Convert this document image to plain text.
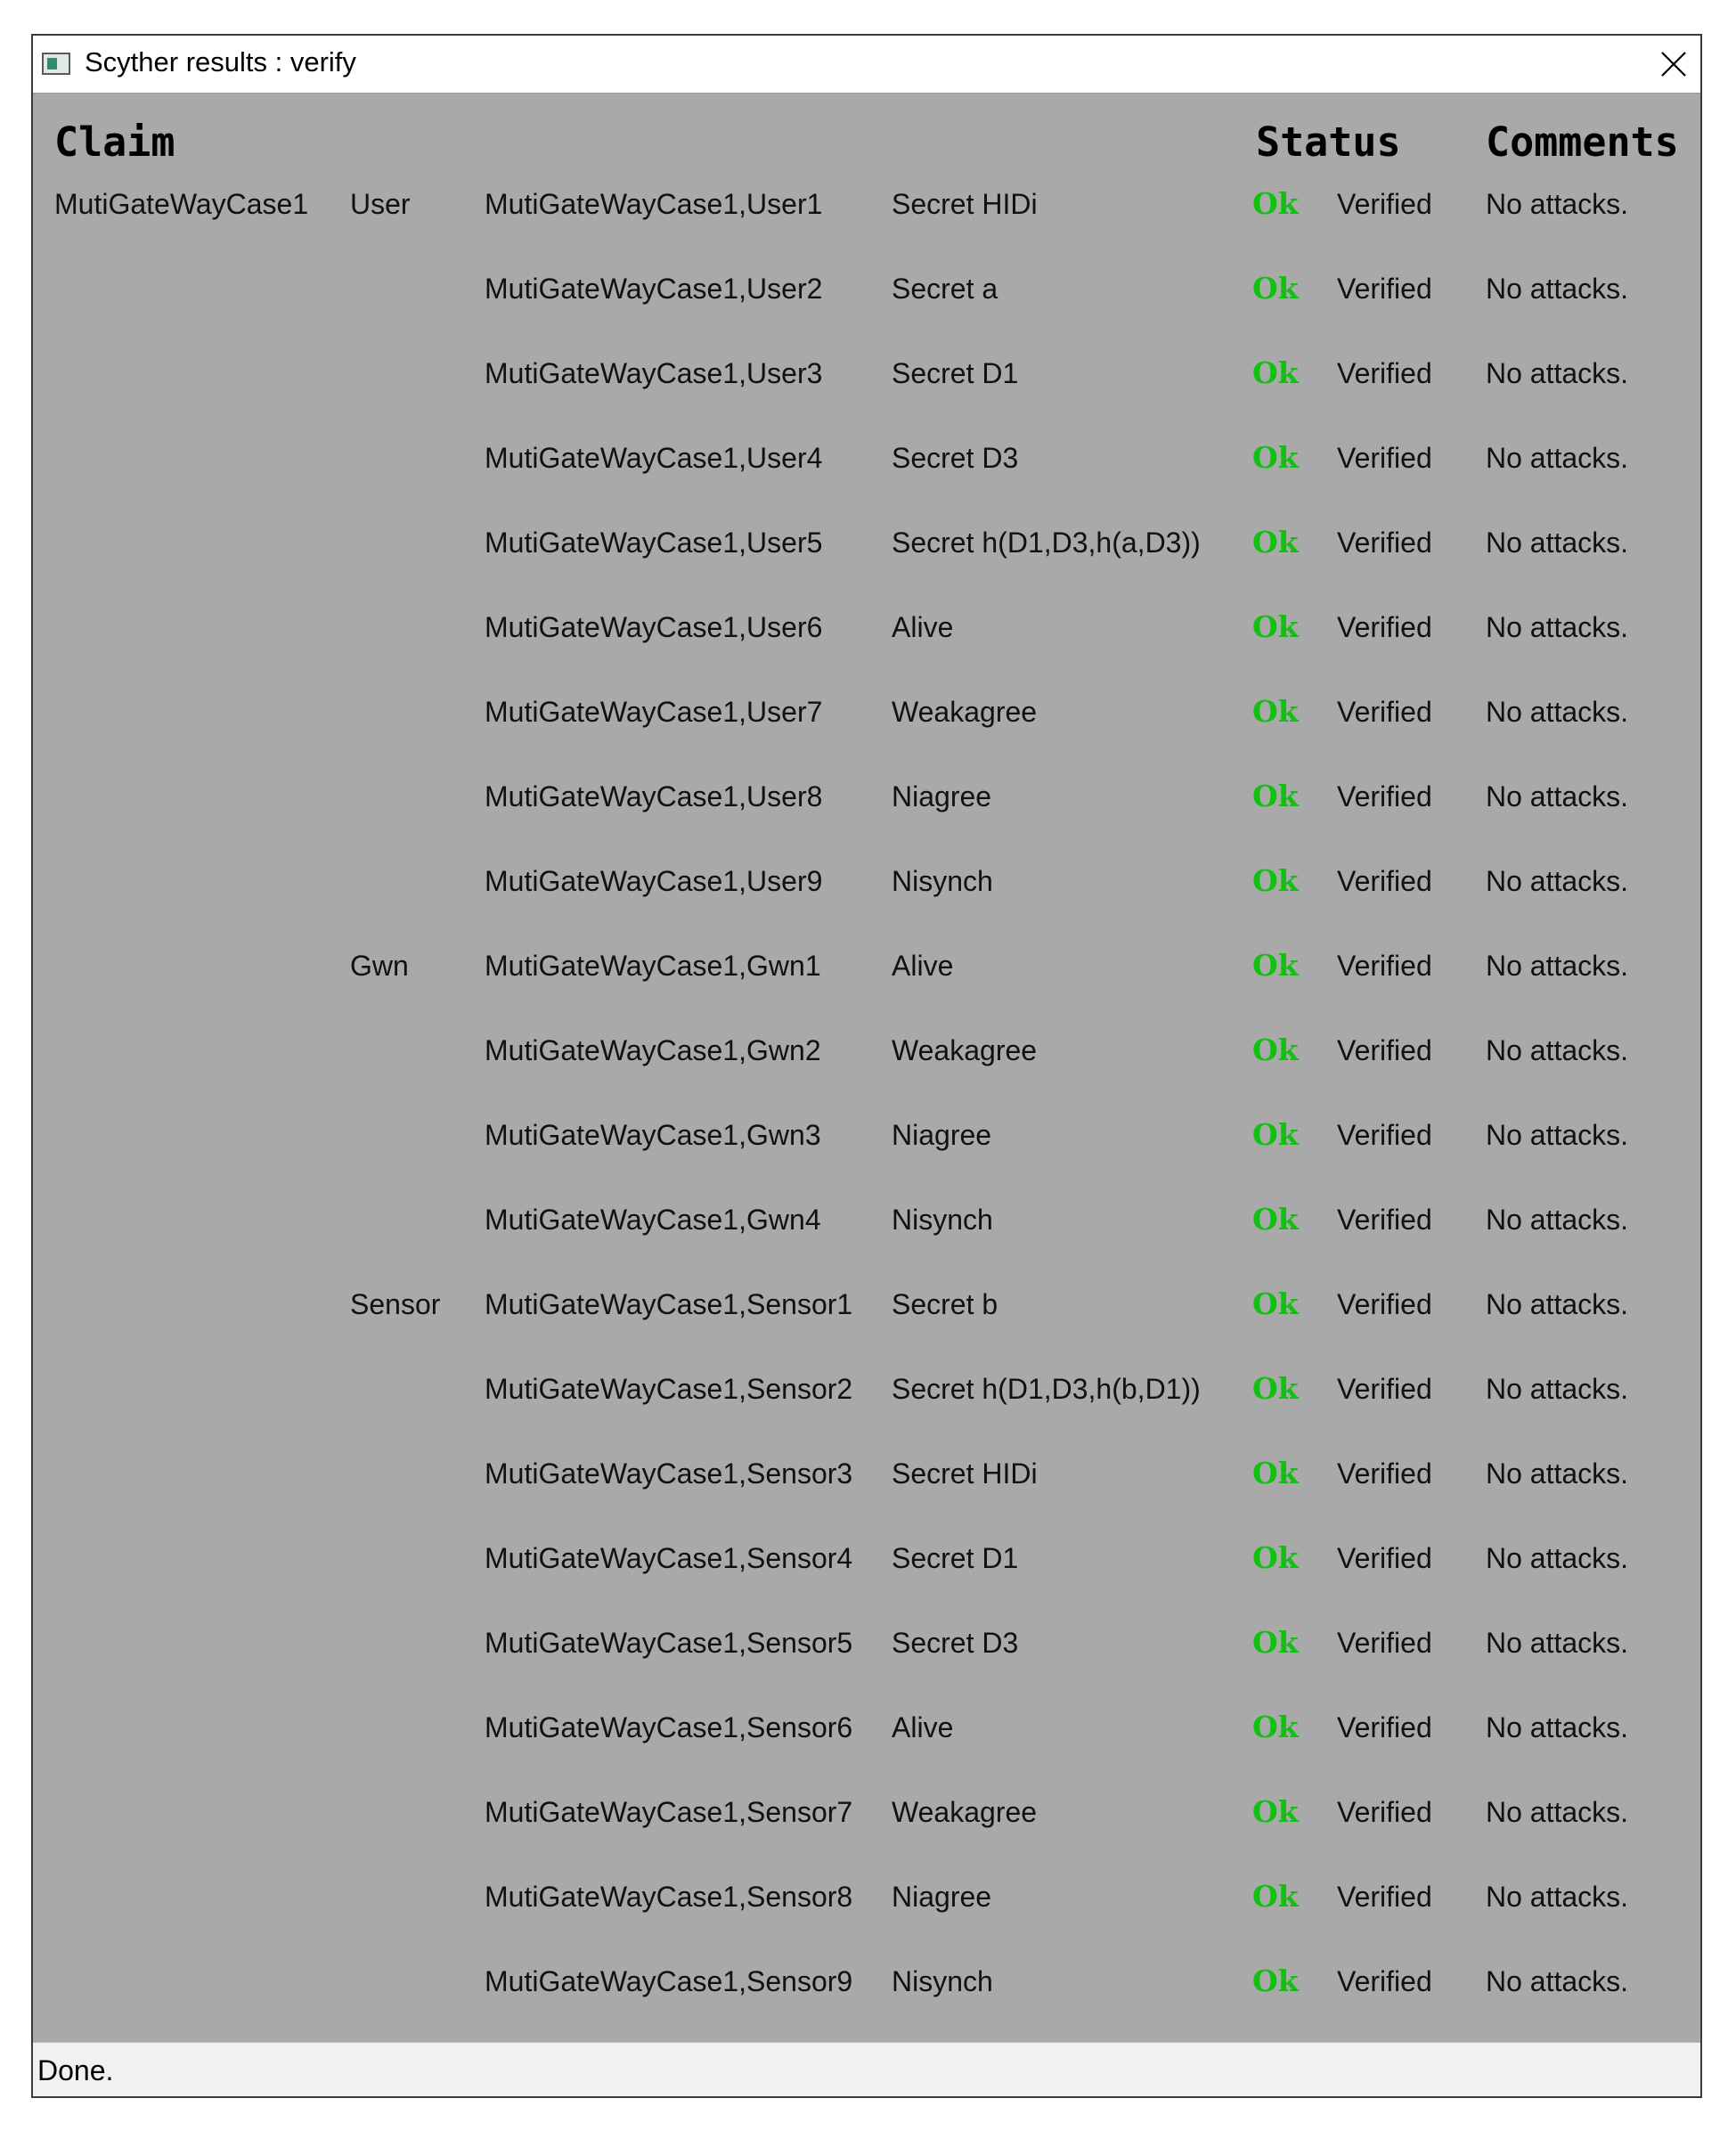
Scyther results : verify
Claim	Status Comments
MutiGateWayCase1 User	MutiGateWayCase1,User1 Secret HIDi	Ok Verified No attacks.
MutiGateWayCase1,User2 Secret a	Ok Verified No attacks.
MutiGateWayCase1,User3 Secret D1	Ok Verified No attacks.
MutiGateWayCase1,User4 Secret D3	Ok Verified No attacks.
MutiGateWayCase1,User5 Secret h(D1,D3,h(a,D3)) Ok Verified No attacks.
MutiGateWayCase1,User6 Alive	Ok Verified No attacks.
MutiGateWayCase1,User7 Weakagree	Ok Verified No attacks.
MutiGateWayCase1,User8 Niagree	Ok Verified No attacks.
MutiGateWayCase1,User9 Nisynch	Ok Verified No attacks.
Gwn	MutiGateWayCase1,Gwn1 Alive	Ok Verified No attacks.
MutiGateWayCase1,Gwn2 Weakagree	Ok Verified No attacks.
MutiGateWayCase1,Gwn3 Niagree	Ok Verified No attacks.
MutiGateWayCase1,Gwn4 Nisynch	Ok Verified No attacks.
Sensor MutiGateWayCase1,Sensor1 Secret b	Ok Verified No attacks.
MutiGateWayCase1,Sensor2 Secret h(D1,D3,h(b,D1)) Ok Verified No attacks.
MutiGateWayCase1,Sensor3 Secret HIDi	Ok Verified No attacks.
MutiGateWayCase1,Sensor4 Secret D1	Ok Verified No attacks.
MutiGateWayCase1,Sensor5 Secret D3	Ok Verified No attacks.
MutiGateWayCase1,Sensor6 Alive	Ok Verified No attacks.
MutiGateWayCase1,Sensor7 Weakagree	Ok Verified No attacks.
MutiGateWayCase1,Sensor8 Niagree	Ok Verified No attacks.
MutiGateWayCase1,Sensor9 Nisynch	Ok Verified No attacks.
Done.
